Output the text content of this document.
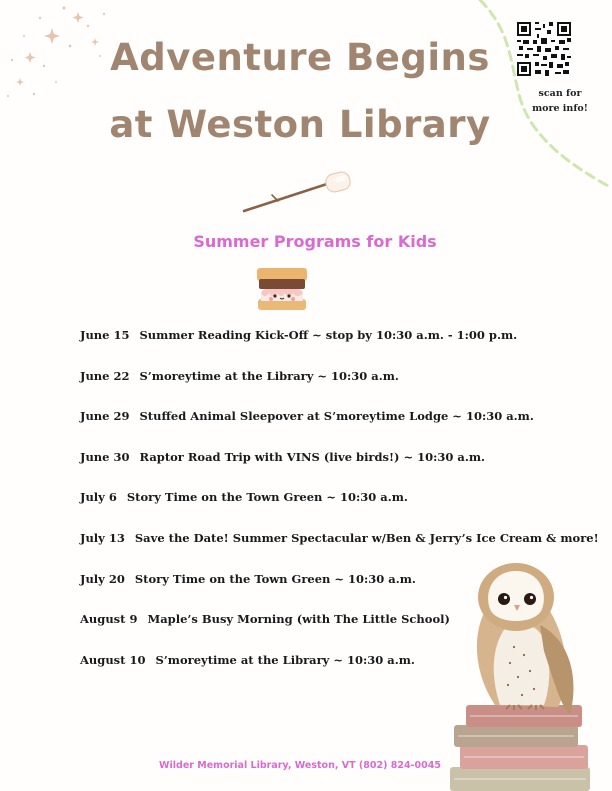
Adventure Begins
at Weston Library
scan for
more info!
Summer Programs for Kids
June 15 Summer Reading Kick-Off ~ stop by 10:30 a.m. - 1:00 p.m.
June 22 S’moreytime at the Library ~ 10:30 a.m.
June 29 Stuffed Animal Sleepover at S’moreytime Lodge ~ 10:30 a.m.
June 30 Raptor Road Trip with VINS (live birds!) ~ 10:30 a.m.
July 6 Story Time on the Town Green ~ 10:30 a.m.
July 13 Save the Date! Summer Spectacular w/Ben & Jerry’s Ice Cream & more!
July 20 Story Time on the Town Green ~ 10:30 a.m.
August 9 Maple’s Busy Morning (with The Little School)
August 10 S’moreytime at the Library ~ 10:30 a.m.

Wilder Memorial Library, Weston, VT (802) 824-0045
